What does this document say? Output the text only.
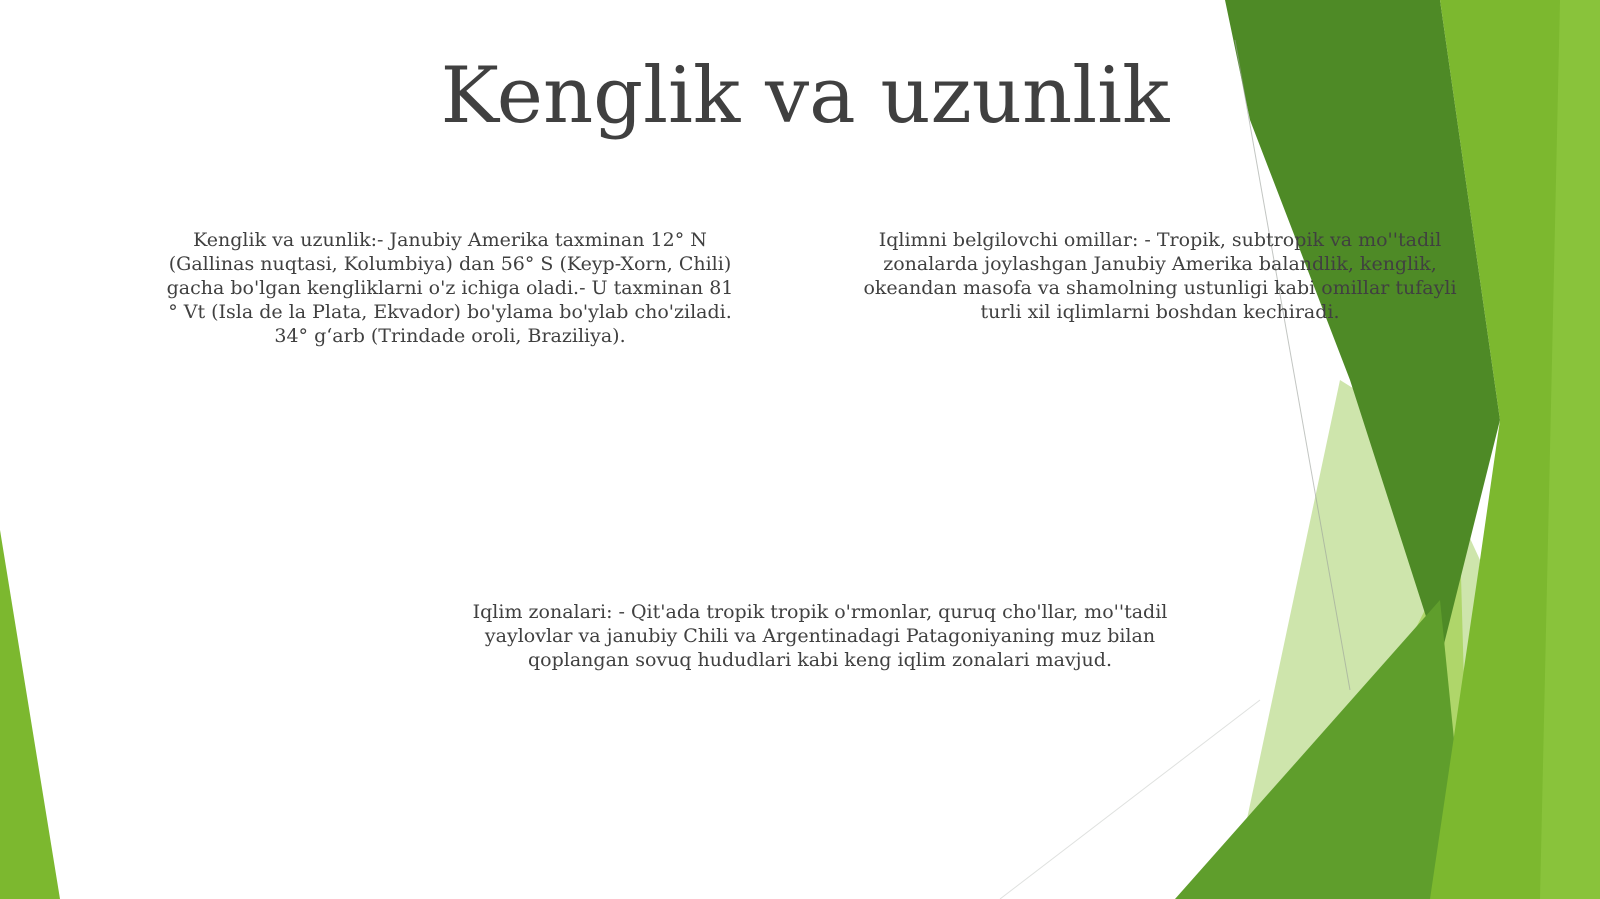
Kenglik va uzunlik

Kenglik va uzunlik:- Janubiy Amerika taxminan 12° N (Gallinas nuqtasi, Kolumbiya) dan 56° S (Keyp-Xorn, Chili) gacha bo'lgan kengliklarni o'z ichiga oladi.- U taxminan 81 ° Vt (Isla de la Plata, Ekvador) bo'ylama bo'ylab cho'ziladi. 34° g‘arb (Trindade oroli, Braziliya).

Iqlimni belgilovchi omillar: - Tropik, subtropik va mo''tadil zonalarda joylashgan Janubiy Amerika balandlik, kenglik, okeandan masofa va shamolning ustunligi kabi omillar tufayli turli xil iqlimlarni boshdan kechiradi.

Iqlim zonalari: - Qit'ada tropik tropik o'rmonlar, quruq cho'llar, mo''tadil yaylovlar va janubiy Chili va Argentinadagi Patagoniyaning muz bilan qoplangan sovuq hududlari kabi keng iqlim zonalari mavjud.
